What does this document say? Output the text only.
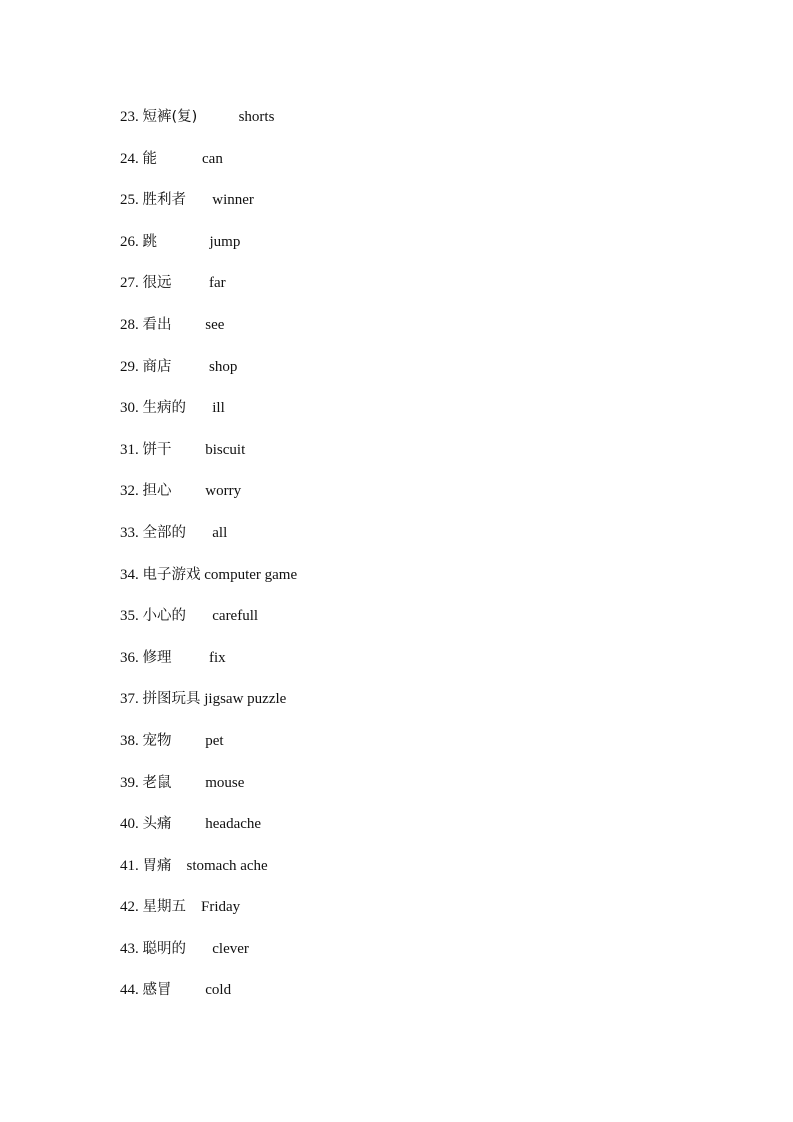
23. 短裤(复)	shorts
24. 能	can
25. 胜利者 winner
26. 跳	jump
27. 很远	far
28. 看出 see
29. 商店	shop
30. 生病的 ill
31. 饼干 biscuit
32. 担心 worry
33. 全部的 all
34. 电子游戏 computer game
35. 小心的 carefull
36. 修理	fix
37. 拼图玩具 jigsaw puzzle
38. 宠物 pet
39. 老鼠 mouse
40. 头痛 headache
41. 胃痛 stomach ache
42. 星期五 Friday
43. 聪明的 clever
44. 感冒 cold
